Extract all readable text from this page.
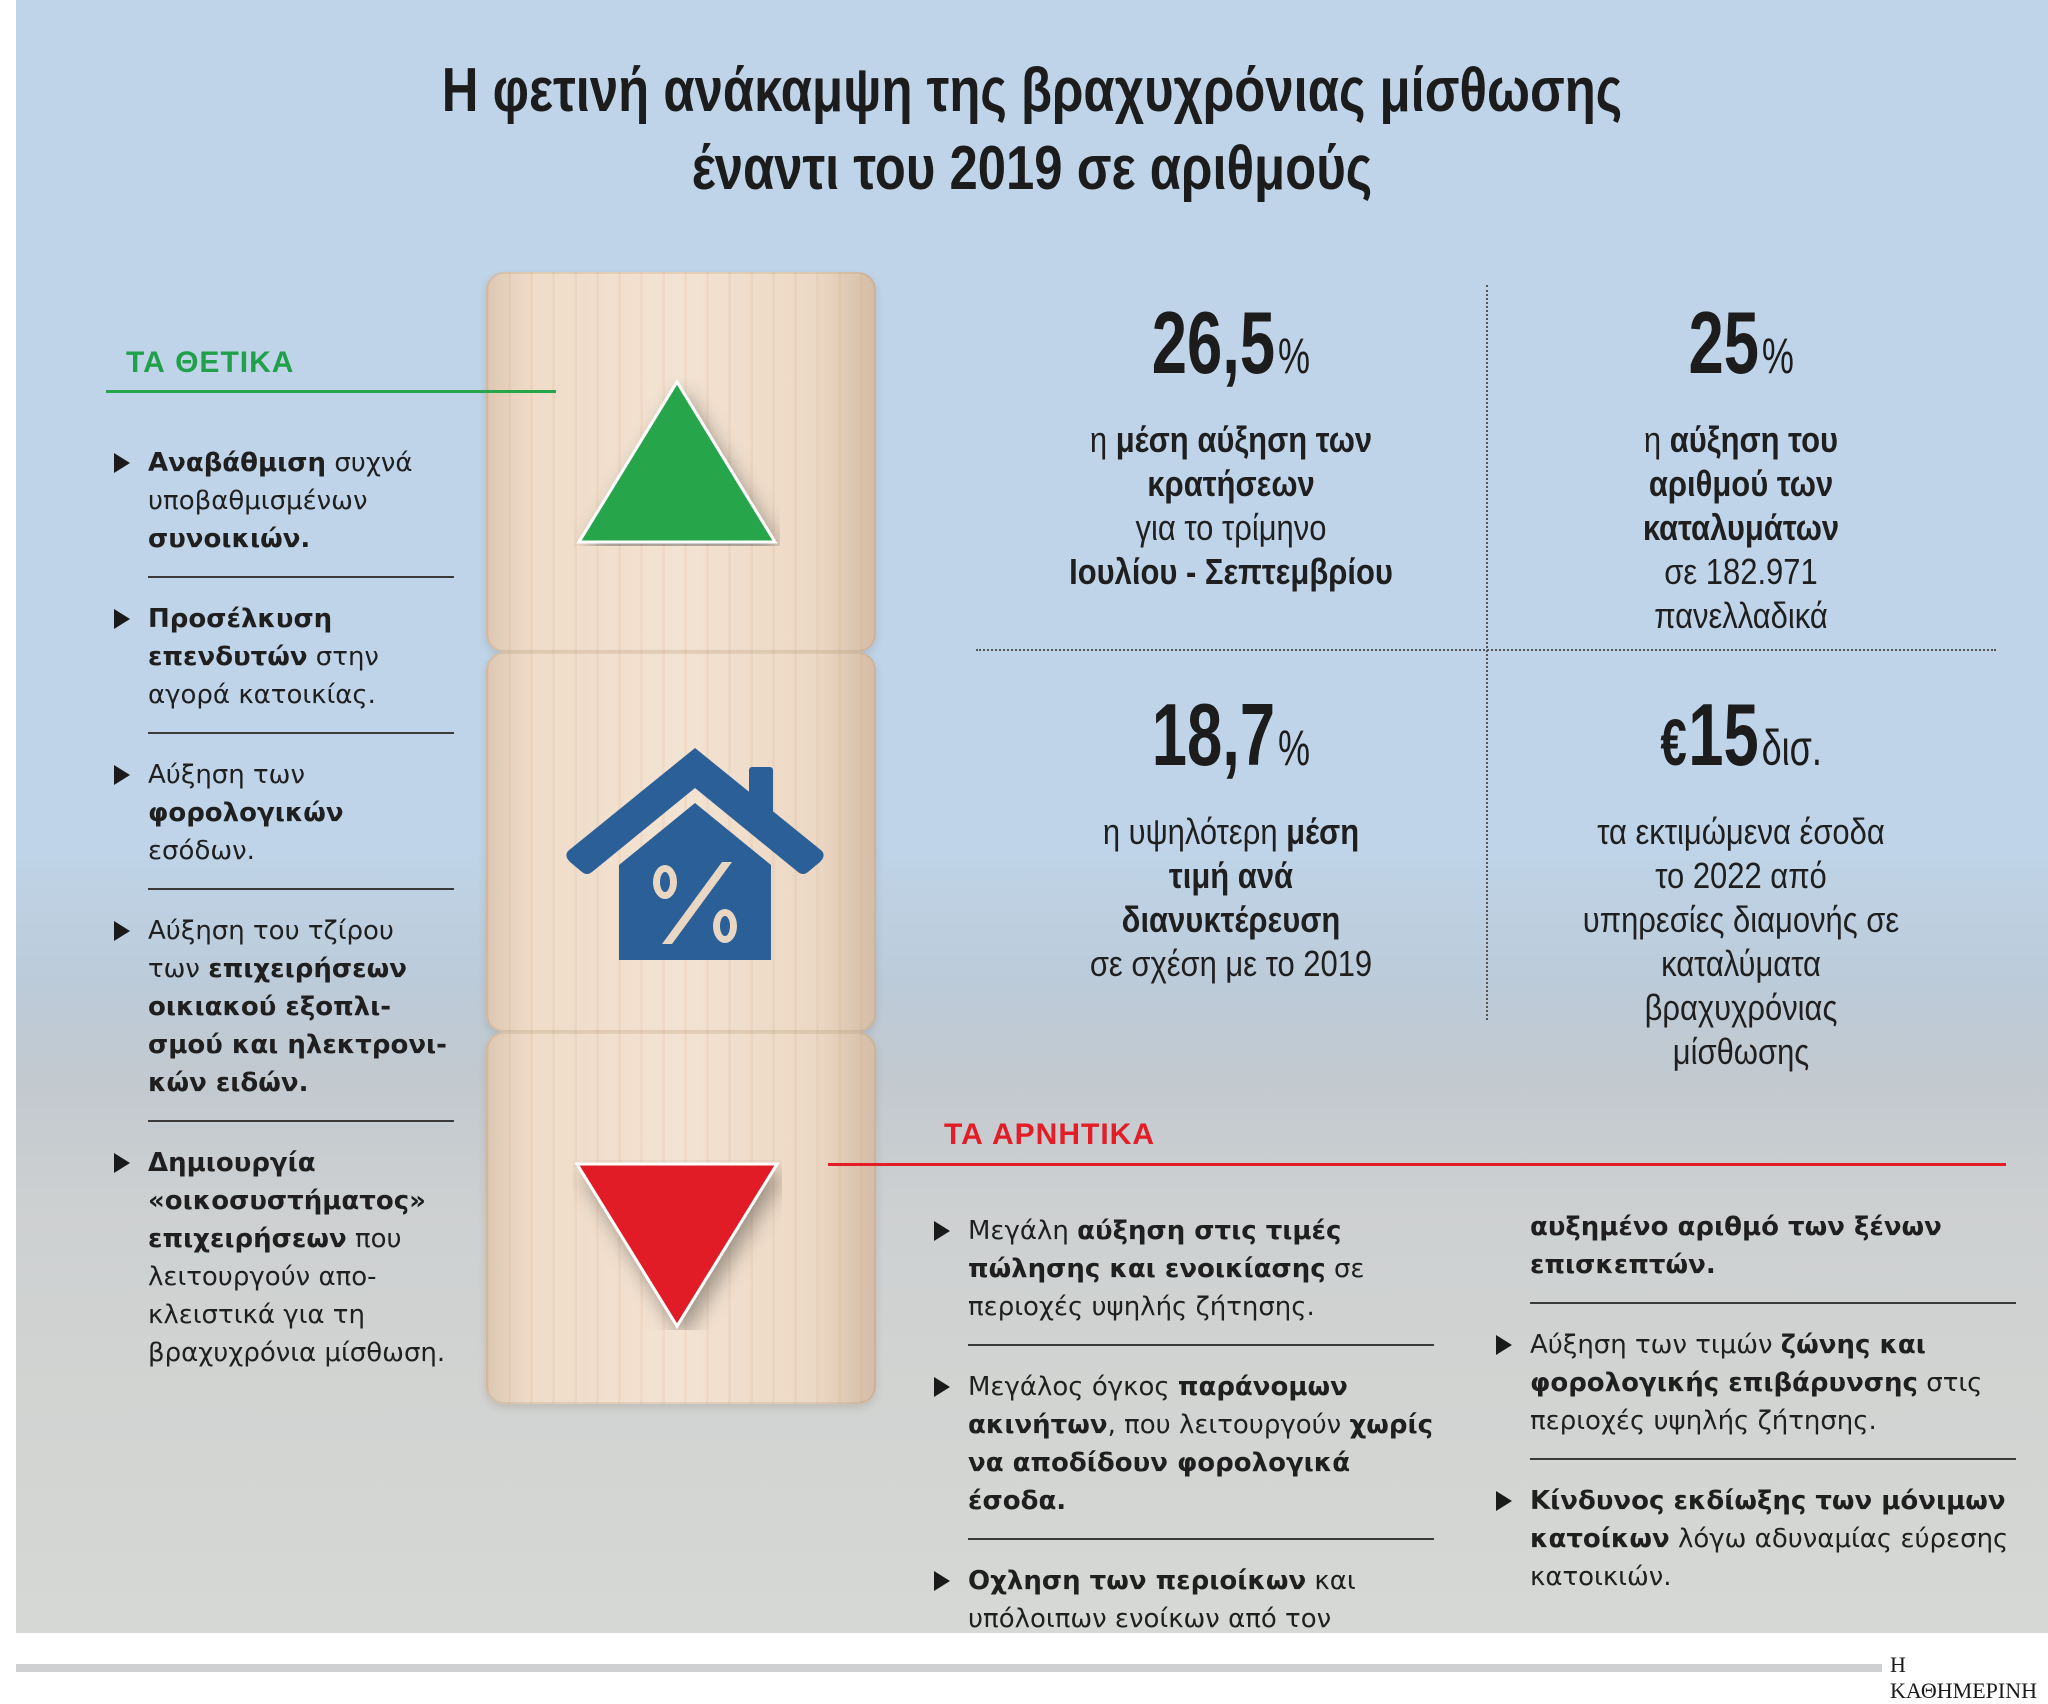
Η φετινή ανάκαμψη της βραχυχρόνιας μίσθωσης
έναντι του 2019 σε αριθμούς
ΤΑ ΘΕΤΙΚΑ
Αναβάθμιση συχνά υποβαθμισμένων συνοικιών.
Προσέλκυση επενδυτών στην αγορά κατοικίας.
Αύξηση των φορολογικών εσόδων.
Αύξηση του τζίρου των επιχειρήσεων οικιακού εξοπλι- σμού και ηλεκτρονι- κών ειδών.
Δημιουργία «οικοσυστήματος» επιχειρήσεων που λειτουργούν απο- κλειστικά για τη βραχυχρόνια μίσθωση.
26,5%
η μέση αύξηση των κρατήσεων
για το τρίμηνο
Ιουλίου - Σεπτεμβρίου
25%
η αύξηση του αριθμού των καταλυμάτων
σε 182.971 πανελλαδικά
18,7%
η υψηλότερη μέση τιμή ανά διανυκτέρευση
σε σχέση με το 2019
€15δισ.
τα εκτιμώμενα έσοδα το 2022 από υπηρεσίες διαμονής σε καταλύματα βραχυχρόνιας μίσθωσης
ΤΑ ΑΡΝΗΤΙΚΑ
Μεγάλη αύξηση στις τιμές πώλησης και ενοικίασης σε περιοχές υψηλής ζήτησης.
Μεγάλος όγκος παράνομων ακινήτων, που λειτουργούν χωρίς να αποδίδουν φορολογικά έσοδα.
Οχληση των περιοίκων και υπόλοιπων ενοίκων από τον
αυξημένο αριθμό των ξένων επισκεπτών.
Αύξηση των τιμών ζώνης και φορολογικής επιβάρυνσης στις περιοχές υψηλής ζήτησης.
Κίνδυνος εκδίωξης των μόνιμων κατοίκων λόγω αδυναμίας εύρεσης κατοικιών.
Η ΚΑΘΗΜΕΡΙΝΗ
